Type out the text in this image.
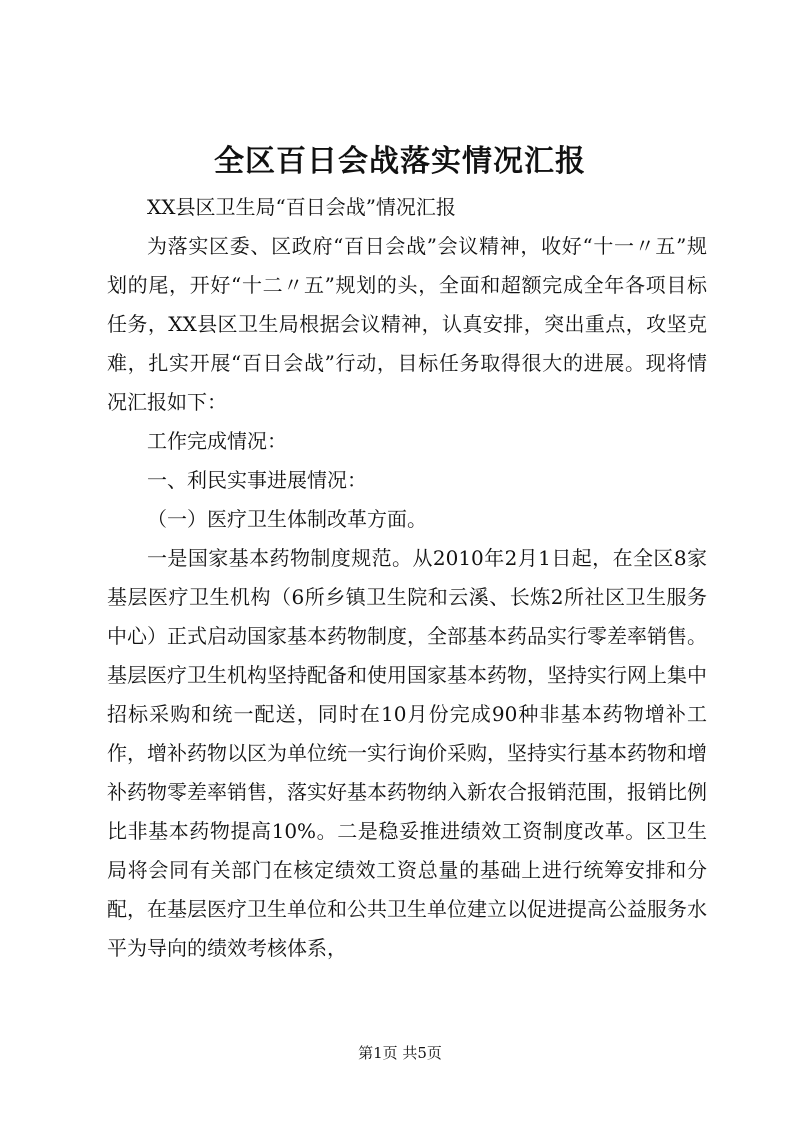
全区百日会战落实情况汇报

XX县区卫生局“百日会战”情况汇报

为落实区委、区政府“百日会战”会议精神，收好“十一〃五”规划的尾，开好“十二〃五”规划的头，全面和超额完成全年各项目标任务，XX县区卫生局根据会议精神，认真安排，突出重点，攻坚克难，扎实开展“百日会战”行动，目标任务取得很大的进展。现将情况汇报如下：

工作完成情况：

一、利民实事进展情况：

（一）医疗卫生体制改革方面。

一是国家基本药物制度规范。从2010年2月1日起，在全区8家基层医疗卫生机构（6所乡镇卫生院和云溪、长炼2所社区卫生服务中心）正式启动国家基本药物制度，全部基本药品实行零差率销售。基层医疗卫生机构坚持配备和使用国家基本药物，坚持实行网上集中招标采购和统一配送，同时在10月份完成90种非基本药物增补工作，增补药物以区为单位统一实行询价采购，坚持实行基本药物和增补药物零差率销售，落实好基本药物纳入新农合报销范围，报销比例比非基本药物提高10%。二是稳妥推进绩效工资制度改革。区卫生局将会同有关部门在核定绩效工资总量的基础上进行统筹安排和分配，在基层医疗卫生单位和公共卫生单位建立以促进提高公益服务水平为导向的绩效考核体系，

第1页 共5页
